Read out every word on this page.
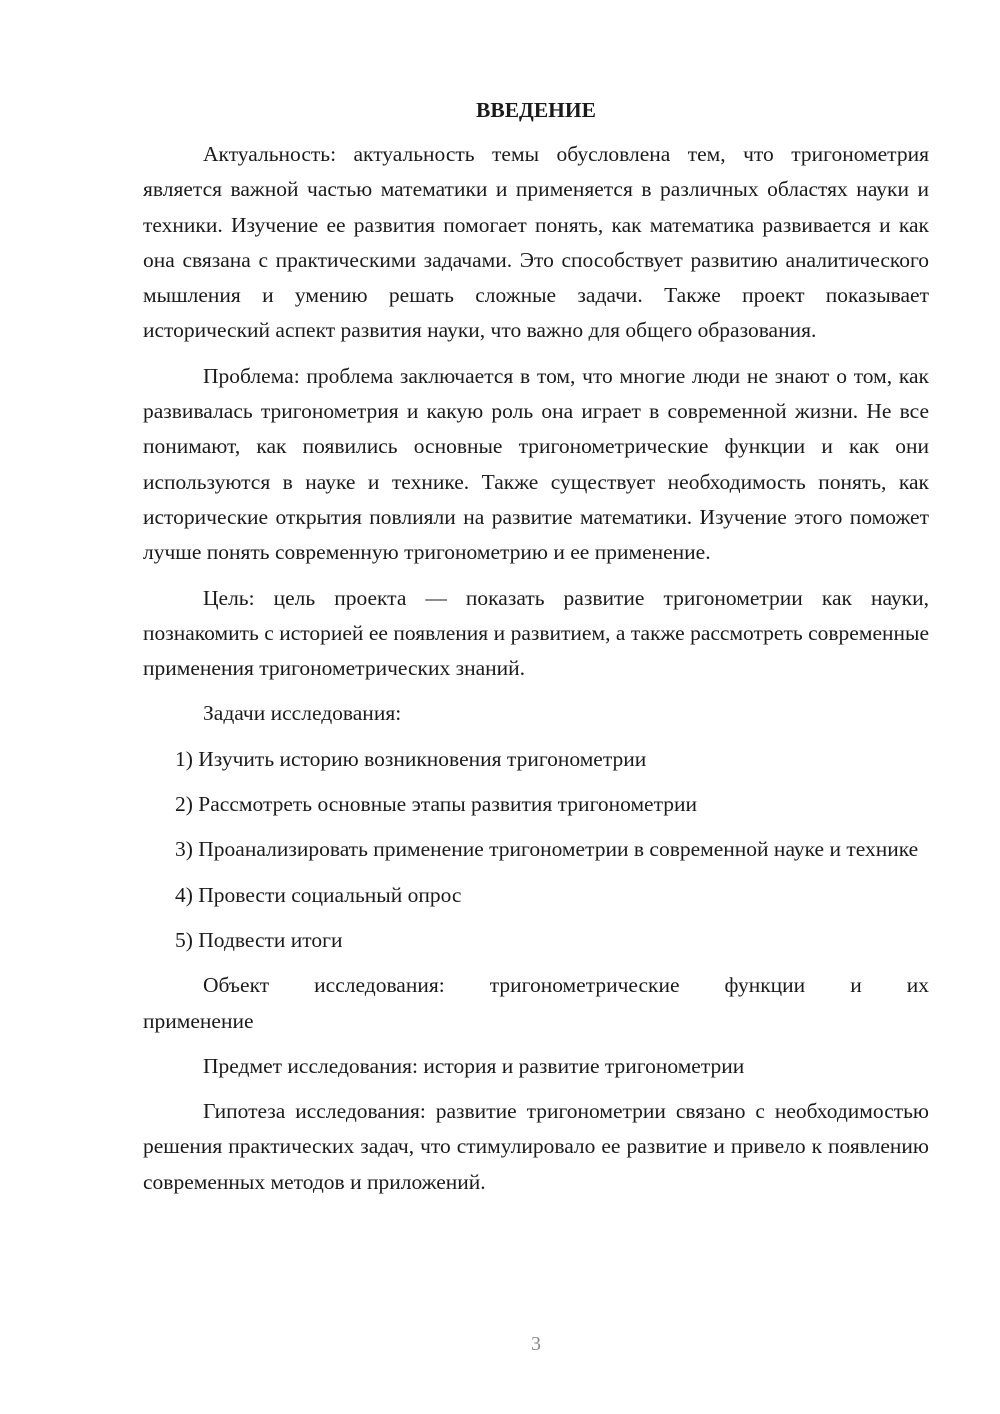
ВВЕДЕНИЕ
Актуальность: актуальность темы обусловлена тем, что тригонометрия является важной частью математики и применяется в различных областях науки и техники. Изучение ее развития помогает понять, как математика развивается и как она связана с практическими задачами. Это способствует развитию аналитического мышления и умению решать сложные задачи. Также проект показывает исторический аспект развития науки, что важно для общего образования.
Проблема: проблема заключается в том, что многие люди не знают о том, как развивалась тригонометрия и какую роль она играет в современной жизни. Не все понимают, как появились основные тригонометрические функции и как они используются в науке и технике. Также существует необходимость понять, как исторические открытия повлияли на развитие математики. Изучение этого поможет лучше понять современную тригонометрию и ее применение.
Цель: цель проекта — показать развитие тригонометрии как науки, познакомить с историей ее появления и развитием, а также рассмотреть современные применения тригонометрических знаний.
Задачи исследования:
1) Изучить историю возникновения тригонометрии
2) Рассмотреть основные этапы развития тригонометрии
3) Проанализировать применение тригонометрии в современной науке и технике
4) Провести социальный опрос
5) Подвести итоги
Объект исследования: тригонометрические функции и их
применение
Предмет исследования: история и развитие тригонометрии
Гипотеза исследования: развитие тригонометрии связано с необходимостью решения практических задач, что стимулировало ее развитие и привело к появлению современных методов и приложений.
3
